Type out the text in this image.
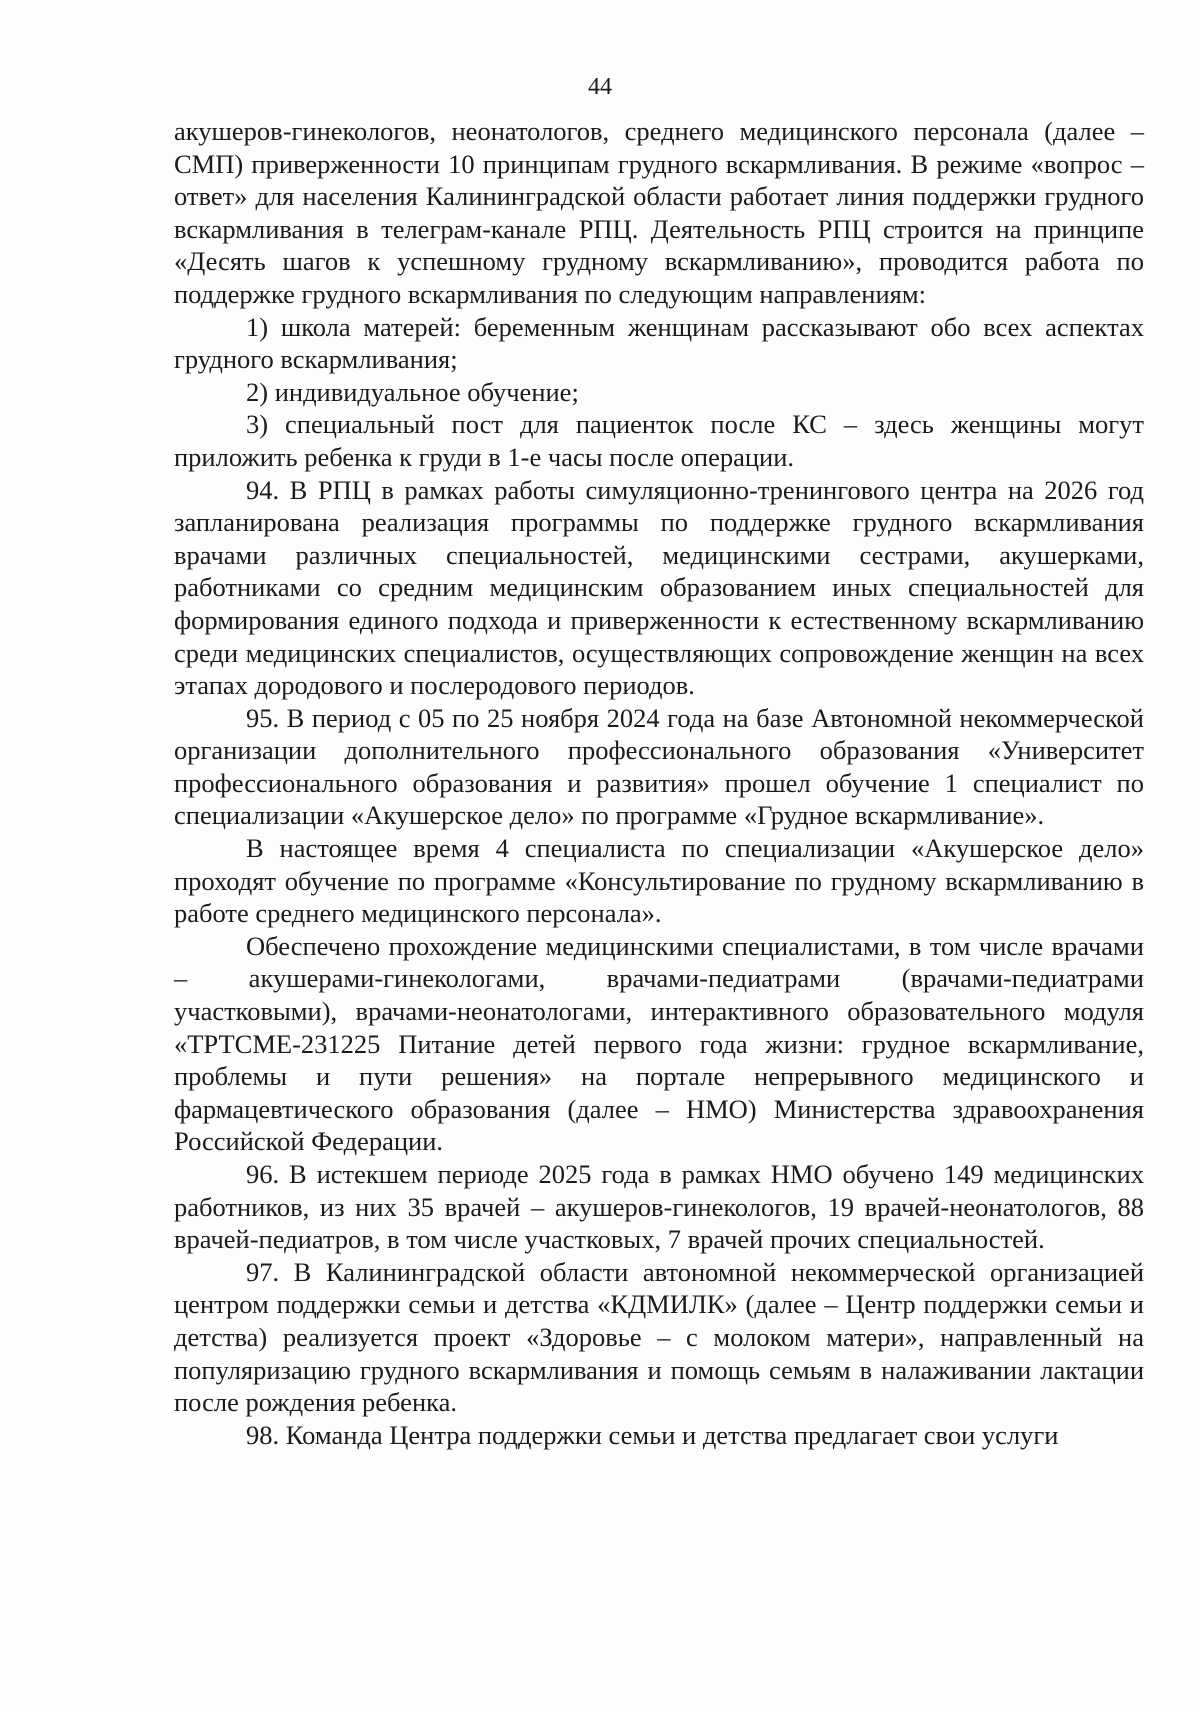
44

акушеров-гинекологов, неонатологов, среднего медицинского персонала (далее – СМП) приверженности 10 принципам грудного вскармливания. В режиме «вопрос – ответ» для населения Калининградской области работает линия поддержки грудного вскармливания в телеграм-канале РПЦ. Деятельность РПЦ строится на принципе «Десять шагов к успешному грудному вскармливанию», проводится работа по поддержке грудного вскармливания по следующим направлениям:

1) школа матерей: беременным женщинам рассказывают обо всех аспектах грудного вскармливания;

2) индивидуальное обучение;

3) специальный пост для пациенток после КС – здесь женщины могут приложить ребенка к груди в 1-е часы после операции.

94. В РПЦ в рамках работы симуляционно-тренингового центра на 2026 год запланирована реализация программы по поддержке грудного вскармливания врачами различных специальностей, медицинскими сестрами, акушерками, работниками со средним медицинским образованием иных специальностей для формирования единого подхода и приверженности к естественному вскармливанию среди медицинских специалистов, осуществляющих сопровождение женщин на всех этапах дородового и послеродового периодов.

95. В период с 05 по 25 ноября 2024 года на базе Автономной некоммерческой организации дополнительного профессионального образования «Университет профессионального образования и развития» прошел обучение 1 специалист по специализации «Акушерское дело» по программе «Грудное вскармливание».

В настоящее время 4 специалиста по специализации «Акушерское дело» проходят обучение по программе «Консультирование по грудному вскармливанию в работе среднего медицинского персонала».

Обеспечено прохождение медицинскими специалистами, в том числе врачами – акушерами-гинекологами, врачами-педиатрами (врачами-педиатрами участковыми), врачами-неонатологами, интерактивного образовательного модуля «ТРТСМЕ-231225 Питание детей первого года жизни: грудное вскармливание, проблемы и пути решения» на портале непрерывного медицинского и фармацевтического образования (далее – НМО) Министерства здравоохранения Российской Федерации.

96. В истекшем периоде 2025 года в рамках НМО обучено 149 медицинских работников, из них 35 врачей – акушеров-гинекологов, 19 врачей-неонатологов, 88 врачей-педиатров, в том числе участковых, 7 врачей прочих специальностей.

97. В Калининградской области автономной некоммерческой организацией центром поддержки семьи и детства «КДМИЛК» (далее – Центр поддержки семьи и детства) реализуется проект «Здоровье – с молоком матери», направленный на популяризацию грудного вскармливания и помощь семьям в налаживании лактации после рождения ребенка.

98. Команда Центра поддержки семьи и детства предлагает свои услуги
